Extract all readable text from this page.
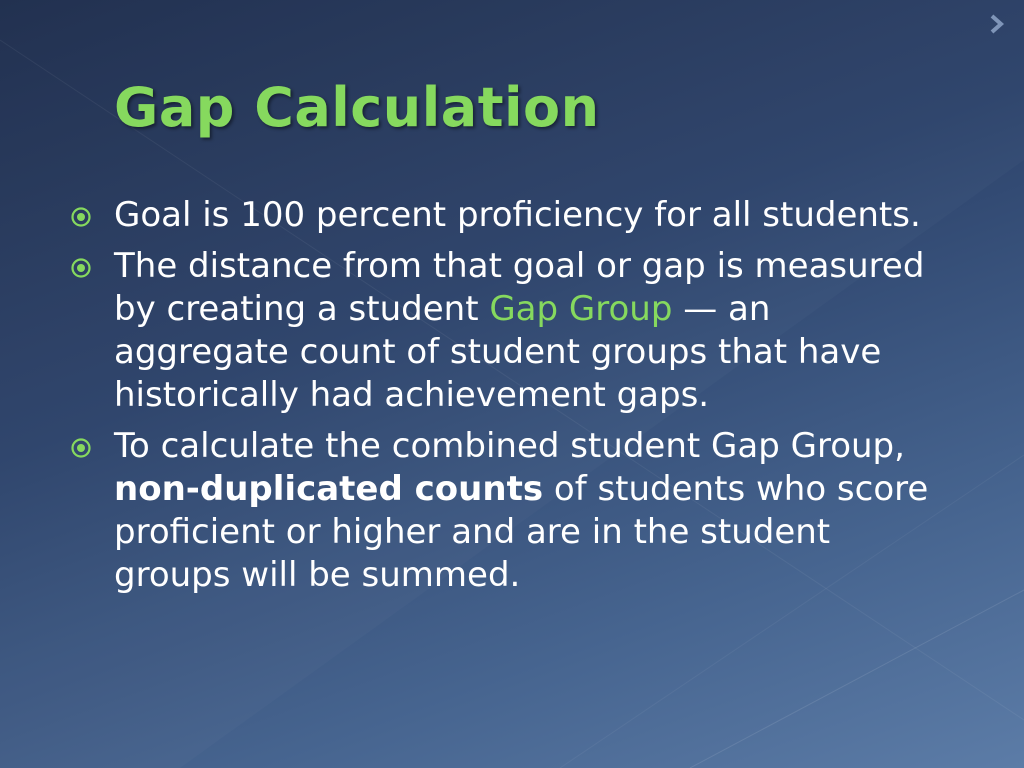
Gap Calculation
Goal is 100 percent proficiency for all students.
The distance from that goal or gap is measured by creating a student Gap Group — an aggregate count of student groups that have historically had achievement gaps.
To calculate the combined student Gap Group, non-duplicated counts of students who score proficient or higher and are in the student groups will be summed.
